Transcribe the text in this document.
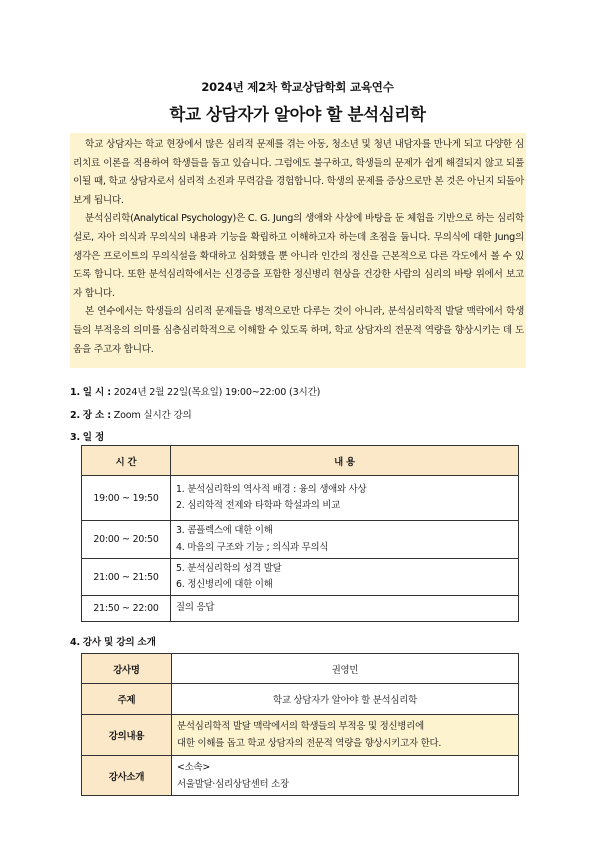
2024년 제2차 학교상담학회 교육연수
학교 상담자가 알아야 할 분석심리학

학교 상담자는 학교 현장에서 많은 심리적 문제를 겪는 아동, 청소년 및 청년 내담자를 만나게 되고 다양한 심리치료 이론을 적용하여 학생들을 돕고 있습니다. 그럼에도 불구하고, 학생들의 문제가 쉽게 해결되지 않고 되풀이될 때, 학교 상담자로서 심리적 소진과 무력감을 경험합니다. 학생의 문제를 증상으로만 본 것은 아닌지 되돌아보게 됩니다.

분석심리학(Analytical Psychology)은 C. G. Jung의 생애와 사상에 바탕을 둔 체험을 기반으로 하는 심리학설로, 자아 의식과 무의식의 내용과 기능을 확립하고 이해하고자 하는데 초점을 둡니다. 무의식에 대한 Jung의 생각은 프로이트의 무의식설을 확대하고 심화했을 뿐 아니라 인간의 정신을 근본적으로 다른 각도에서 볼 수 있도록 합니다. 또한 분석심리학에서는 신경증을 포함한 정신병리 현상을 건강한 사람의 심리의 바탕 위에서 보고자 합니다.

본 연수에서는 학생들의 심리적 문제들을 병적으로만 다루는 것이 아니라, 분석심리학적 발달 맥락에서 학생들의 부적응의 의미를 심층심리학적으로 이해할 수 있도록 하며, 학교 상담자의 전문적 역량을 향상시키는 데 도움을 주고자 합니다.

1. 일 시 : 2024년 2월 22일(목요일) 19:00~22:00 (3시간)
2. 장 소 : Zoom 실시간 강의
3. 일 정
시 간	내 용
19:00 ~ 19:50	1. 분석심리학의 역사적 배경 : 융의 생애와 사상
2. 심리학적 전제와 타학파 학설과의 비교

20:00 ~ 20:50	3. 콤플렉스에 대한 이해
4. 마음의 구조와 기능 ; 의식과 무의식

21:00 ~ 21:50	5. 분석심리학의 성격 발달
6. 정신병리에 대한 이해

21:50 ~ 22:00	질의 응답
4. 강사 및 강의 소개
강사명	권영민
주제	학교 상담자가 알아야 할 분석심리학
강의내용	분석심리학적 발달 맥락에서의 학생들의 부적응 및 정신병리에
대한 이해를 돕고 학교 상담자의 전문적 역량을 향상시키고자 한다.

강사소개	<소속>
서울발달·심리상담센터 소장
